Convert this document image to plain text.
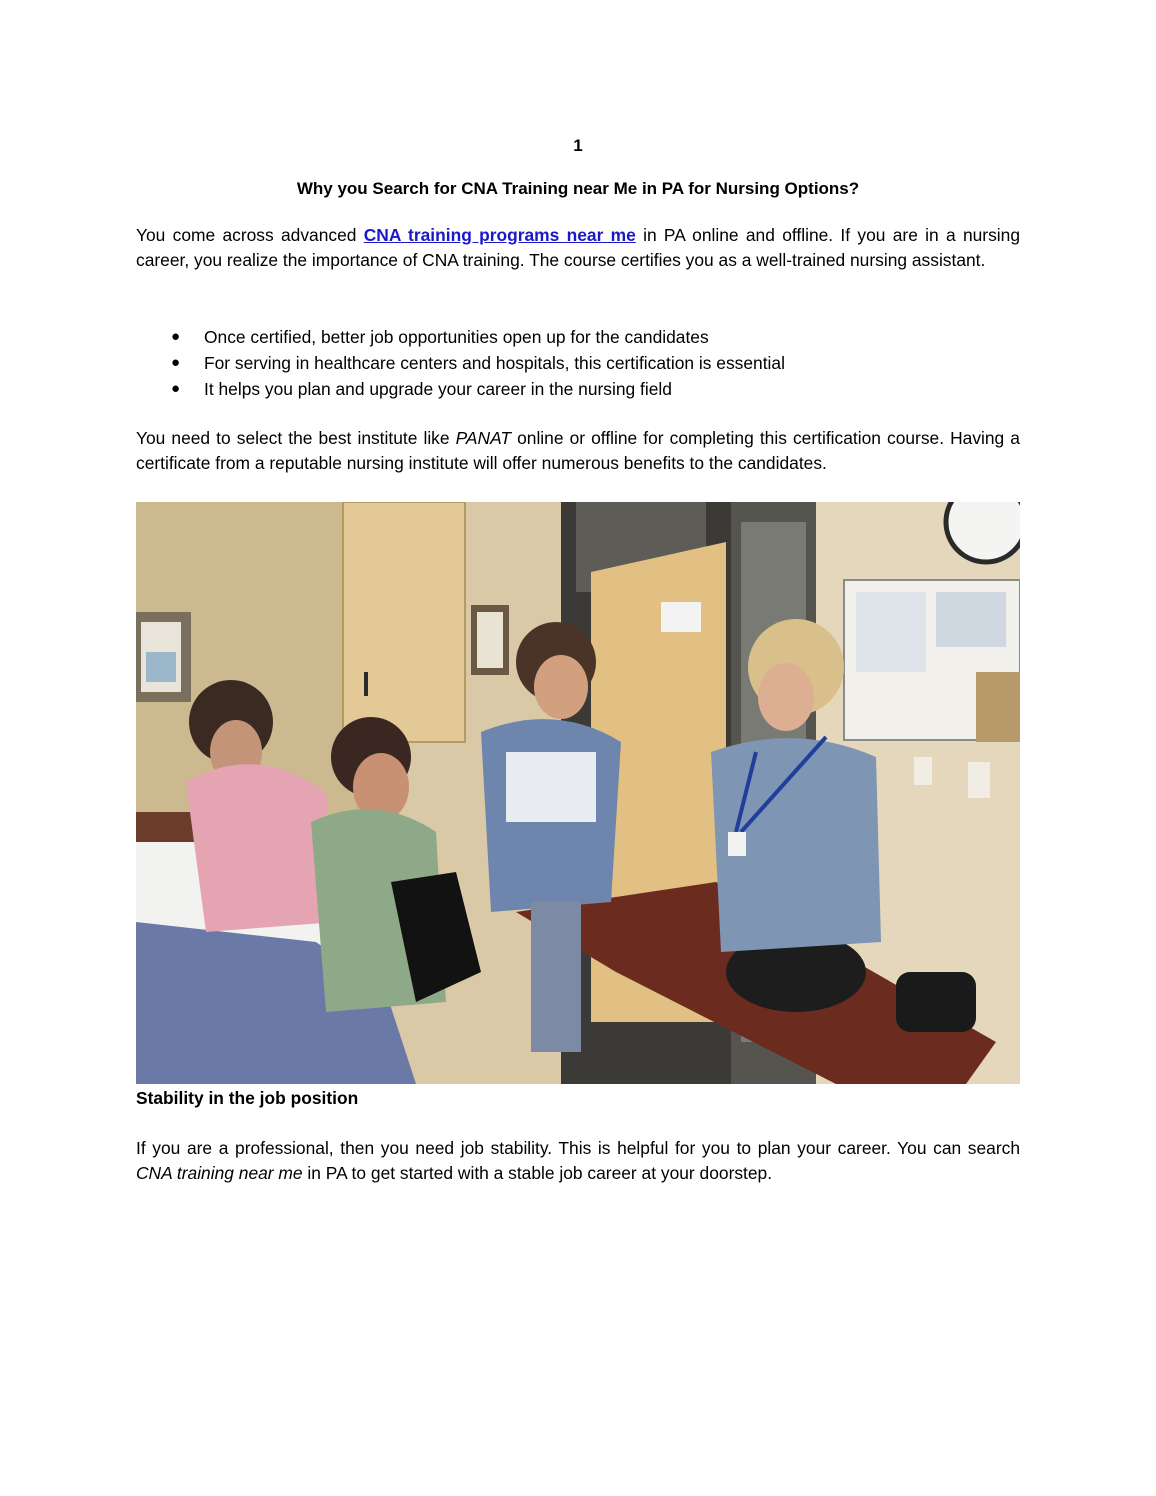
1
Why you Search for CNA Training near Me in PA for Nursing Options?

You come across advanced CNA training programs near me in PA online and offline. If you are in a nursing career, you realize the importance of CNA training. The course certifies you as a well-trained nursing assistant.

● Once certified, better job opportunities open up for the candidates
● For serving in healthcare centers and hospitals, this certification is essential
● It helps you plan and upgrade your career in the nursing field

You need to select the best institute like PANAT online or offline for completing this certification course. Having a certificate from a reputable nursing institute will offer numerous benefits to the candidates.

Stability in the job position

If you are a professional, then you need job stability. This is helpful for you to plan your career. You can search CNA training near me in PA to get started with a stable job career at your doorstep.
